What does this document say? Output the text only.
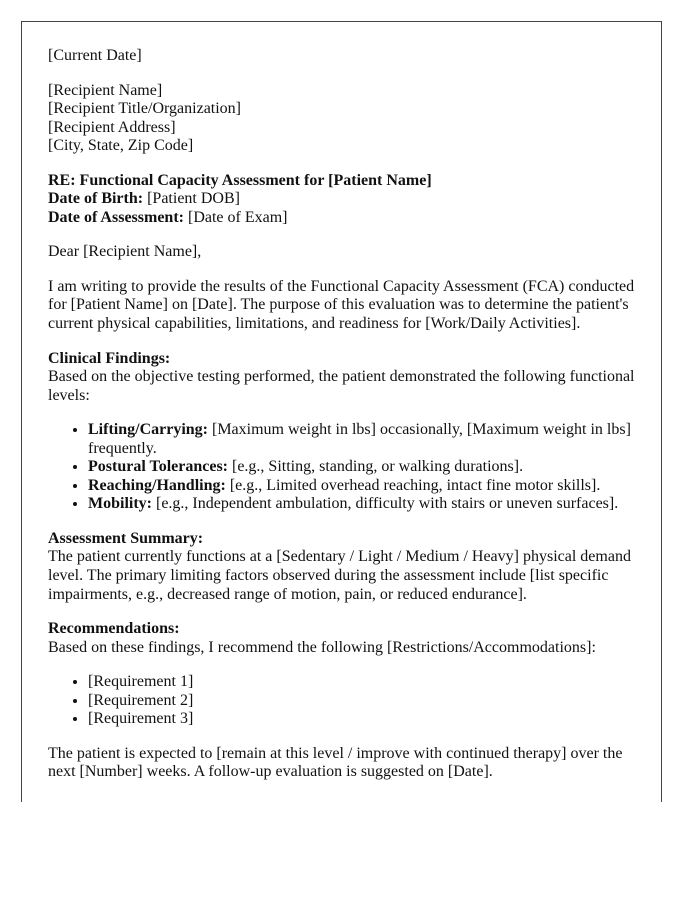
[Current Date]

[Recipient Name]
[Recipient Title/Organization]
[Recipient Address]
[City, State, Zip Code]
RE: Functional Capacity Assessment for [Patient Name]
Date of Birth: [Patient DOB]
Date of Assessment: [Date of Exam]

Dear [Recipient Name],

I am writing to provide the results of the Functional Capacity Assessment (FCA) conducted for [Patient Name] on [Date]. The purpose of this evaluation was to determine the patient's current physical capabilities, limitations, and readiness for [Work/Daily Activities].

Clinical Findings:
Based on the objective testing performed, the patient demonstrated the following functional levels:
• Lifting/Carrying: [Maximum weight in lbs] occasionally, [Maximum weight in lbs] frequently.
• Postural Tolerances: [e.g., Sitting, standing, or walking durations].
• Reaching/Handling: [e.g., Limited overhead reaching, intact fine motor skills].
• Mobility: [e.g., Independent ambulation, difficulty with stairs or uneven surfaces].
Assessment Summary:
The patient currently functions at a [Sedentary / Light / Medium / Heavy] physical demand level. The primary limiting factors observed during the assessment include [list specific impairments, e.g., decreased range of motion, pain, or reduced endurance].
Recommendations:
Based on these findings, I recommend the following [Restrictions/Accommodations]:
• [Requirement 1]
• [Requirement 2]
• [Requirement 3]

The patient is expected to [remain at this level / improve with continued therapy] over the next [Number] weeks. A follow-up evaluation is suggested on [Date].
